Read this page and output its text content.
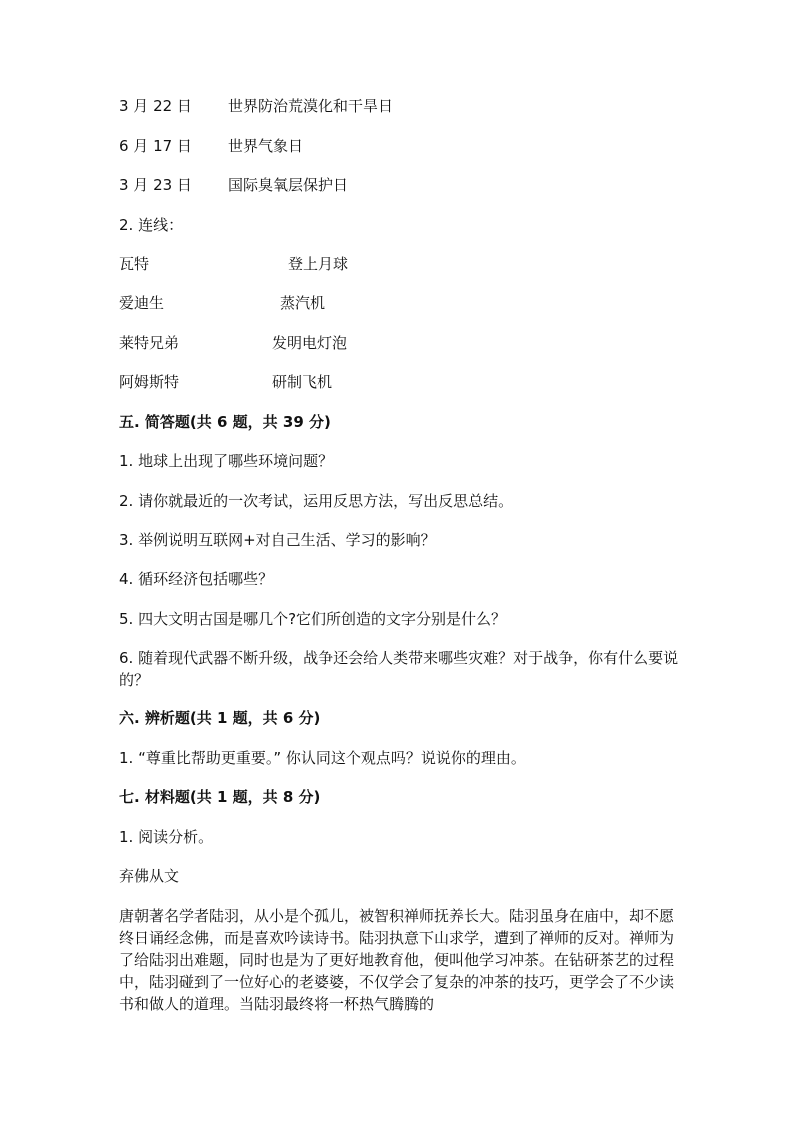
3 月 22 日 世界防治荒漠化和干旱日
6 月 17 日 世界气象日
3 月 23 日 国际臭氧层保护日
2. 连线：
瓦特	登上月球
爱迪生	蒸汽机
莱特兄弟	发明电灯泡
阿姆斯特	研制飞机
五. 简答题(共 6 题，共 39 分)
1. 地球上出现了哪些环境问题？
2. 请你就最近的一次考试，运用反思方法，写出反思总结。
3. 举例说明互联网+对自己生活、学习的影响？
4. 循环经济包括哪些？
5. 四大文明古国是哪几个?它们所创造的文字分别是什么？
6. 随着现代武器不断升级，战争还会给人类带来哪些灾难？对于战争，你有什么要说的？
六. 辨析题(共 1 题，共 6 分)
1. “尊重比帮助更重要。” 你认同这个观点吗？说说你的理由。
七. 材料题(共 1 题，共 8 分)
1. 阅读分析。
弃佛从文
唐朝著名学者陆羽，从小是个孤儿，被智积禅师抚养长大。陆羽虽身在庙中，却不愿终日诵经念佛，而是喜欢吟读诗书。陆羽执意下山求学，遭到了禅师的反对。禅师为了给陆羽出难题，同时也是为了更好地教育他，便叫他学习冲茶。在钻研茶艺的过程中，陆羽碰到了一位好心的老婆婆，不仅学会了复杂的冲茶的技巧，更学会了不少读书和做人的道理。当陆羽最终将一杯热气腾腾的
